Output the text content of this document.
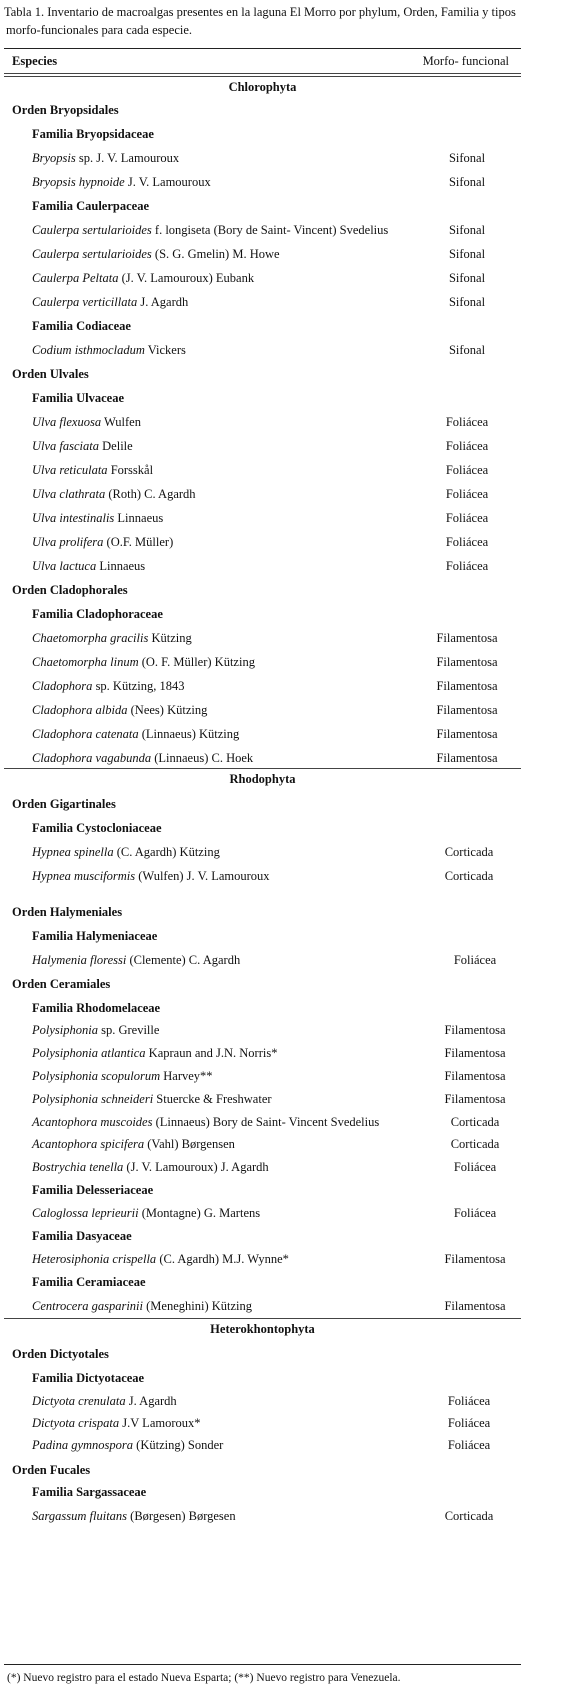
Tabla 1. Inventario de macroalgas presentes en la laguna El Morro por phylum, Orden, Familia y tipos
morfo-funcionales para cada especie.
Especies	Morfo- funcional
Chlorophyta
Orden Bryopsidales
Familia Bryopsidaceae
Bryopsis sp. J. V. Lamouroux	Sifonal
Bryopsis hypnoide J. V. Lamouroux	Sifonal
Familia Caulerpaceae
Caulerpa sertularioides f. longiseta (Bory de Saint- Vincent) Svedelius	Sifonal
Caulerpa sertularioides (S. G. Gmelin) M. Howe	Sifonal
Caulerpa Peltata (J. V. Lamouroux) Eubank	Sifonal
Caulerpa verticillata J. Agardh	Sifonal
Familia Codiaceae
Codium isthmocladum Vickers	Sifonal
Orden Ulvales
Familia Ulvaceae
Ulva flexuosa Wulfen	Foliácea
Ulva fasciata Delile	Foliácea
Ulva reticulata Forsskål	Foliácea
Ulva clathrata (Roth) C. Agardh	Foliácea
Ulva intestinalis Linnaeus	Foliácea
Ulva prolifera (O.F. Müller)	Foliácea
Ulva lactuca Linnaeus	Foliácea
Orden Cladophorales
Familia Cladophoraceae
Chaetomorpha gracilis Kützing	Filamentosa
Chaetomorpha linum (O. F. Müller) Kützing	Filamentosa
Cladophora sp. Kützing, 1843	Filamentosa
Cladophora albida (Nees) Kützing	Filamentosa
Cladophora catenata (Linnaeus) Kützing	Filamentosa
Cladophora vagabunda (Linnaeus) C. Hoek	Filamentosa
Rhodophyta
Orden Gigartinales
Familia Cystocloniaceae
Hypnea spinella (C. Agardh) Kützing	Corticada
Hypnea musciformis (Wulfen) J. V. Lamouroux	Corticada
Orden Halymeniales
Familia Halymeniaceae
Halymenia floressi (Clemente) C. Agardh	Foliácea
Orden Ceramiales
Familia Rhodomelaceae
Polysiphonia sp. Greville	Filamentosa
Polysiphonia atlantica Kapraun and J.N. Norris*	Filamentosa
Polysiphonia scopulorum Harvey**	Filamentosa
Polysiphonia schneideri Stuercke & Freshwater	Filamentosa
Acantophora muscoides (Linnaeus) Bory de Saint- Vincent Svedelius	Corticada
Acantophora spicifera (Vahl) Børgensen	Corticada
Bostrychia tenella (J. V. Lamouroux) J. Agardh	Foliácea
Familia Delesseriaceae
Caloglossa leprieurii (Montagne) G. Martens	Foliácea
Familia Dasyaceae
Heterosiphonia crispella (C. Agardh) M.J. Wynne*	Filamentosa
Familia Ceramiaceae
Centrocera gasparinii (Meneghini) Kützing	Filamentosa
Heterokhontophyta
Orden Dictyotales
Familia Dictyotaceae
Dictyota crenulata J. Agardh	Foliácea
Dictyota crispata J.V Lamoroux*	Foliácea
Padina gymnospora (Kützing) Sonder	Foliácea
Orden Fucales
Familia Sargassaceae
Sargassum fluitans (Børgesen) Børgesen	Corticada
(*) Nuevo registro para el estado Nueva Esparta; (**) Nuevo registro para Venezuela.
